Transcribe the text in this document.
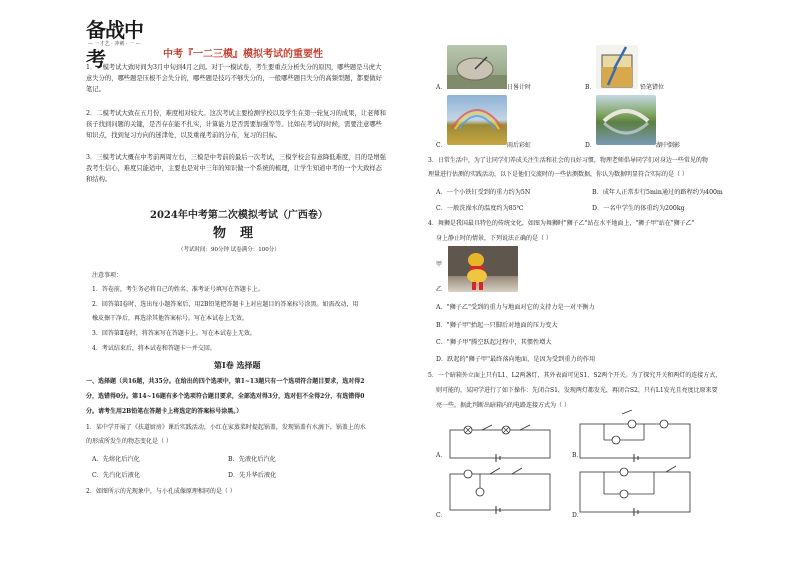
备战中考
— 一才艺 · 冲刺 · 一 —
中考『一二三模』模拟考试的重要性
1．一模考试大致时间为3月中旬到4月之间。对于一模试卷，考生要重点分析失分的原因，哪些题是马虎大意失分的，哪些题是压根不会失分的，哪些题是技巧不够失分的，一般哪些题目失分的高频型题，都要做好笔记。
2．二模考试大致在五月份，难度相对较大。这次考试主要检测学校以及学生在第一轮复习的成果，让老师和孩子找到问题的关键，是否存在能不扎实，计算能力是否需要加强等等。比如在考试的时候，需要注意哪些知识点，找到复习方向的迷津处，以及重视考前的分布，复习的目标。
3．三模考试大概在中考前两周左右，三模是中考前的最后一次考试，三模学校会有意降低难度，目的是增强我考生信心，难度只能适中，主要也是对中三年的知识做一个系统的梳理，让学生知道中考的一个大致样态和结构。
2024年中考第二次模拟考试（广西卷）
物理
（考试时间：90分钟 试卷满分：100分）
注意事项：
1．答卷前，考生务必将自己的姓名、准考证号填写在答题卡上。
2．回答第Ⅰ卷时，选出每小题答案后，用2B铅笔把答题卡上对应题目的答案标号涂黑。如需改动，用
橡皮擦干净后，再选涂其他答案标号。写在本试卷上无效。
3．回答第Ⅱ卷时，将答案写在答题卡上。写在本试卷上无效。
4．考试结束后，将本试卷和答题卡一并交回。
第Ⅰ卷 选择题
一、选择题（共16题，共35分。在给出的四个选项中，第1~13题只有一个选项符合题目要求，选对得2
分，选错得0分。第14~16题有多个选项符合题目要求，全部选对得3分，选对但不全得2分，有选错得0
分。请考生用2B铅笔在答题卡上将选定的答案标号涂黑。）
1．某中学开展了《扶道厨房》课后实践活动，小红在家蒸菜时提起锅盖，发现锅盖有水滴下，锅盖上的水
的形成所发生的物态变化是（ ）
A．先熔化后汽化	B．先液化后汽化
C．先汽化后液化	D．先升华后液化
2．如图所示的光现象中，与小孔成像原理相同的是（ ）
A．	日晷计时	B．	铅笔错位
C．	雨后彩虹	D．	湖中倒影
3．日常生活中，为了让同学们养成关注生活和社会的良好习惯，物理老师倡导同学们对身边一些常见的物
理量进行估测的实践活动，以下是他们交流时的一些估测数据，你认为数据明显符合实际的是（ ）
A．一个小铁钉受到的重力约为5N	B．成年人正常步行5min通过的路程约为400m
C．一般洗澡水的温度约为85℃	D．一名中学生的体重约为200kg
4．舞狮是我国最具特色的传统文化，如图为舞狮时"狮子乙"站在水平地面上，"狮子甲"站在"狮子乙"
身上静止时的情景，下列说法正确的是（ ）
甲
乙
A．"狮子乙"受到的重力与地面对它的支持力是一对平衡力
B．"狮子甲"抬起一只脚后对地面的压力变大
C．"狮子甲"腾空跃起过程中，其惯性增大
D．跃起的"狮子甲"最终落向地面，是因为受到重力的作用
5．一个暗箱外立面上只有L1、L2两盏灯，其外表面可见S1、S2两个开关。为了探究开关和两灯的连接方式，
则可能的，某同学进行了如下操作：先闭合S1，发现两灯都发光，再闭合S2，只有L1发光且亮度比原来要
亮一些。据此判断出暗箱内的电路连接方式为（ ）
A．	B．
C．	D．
